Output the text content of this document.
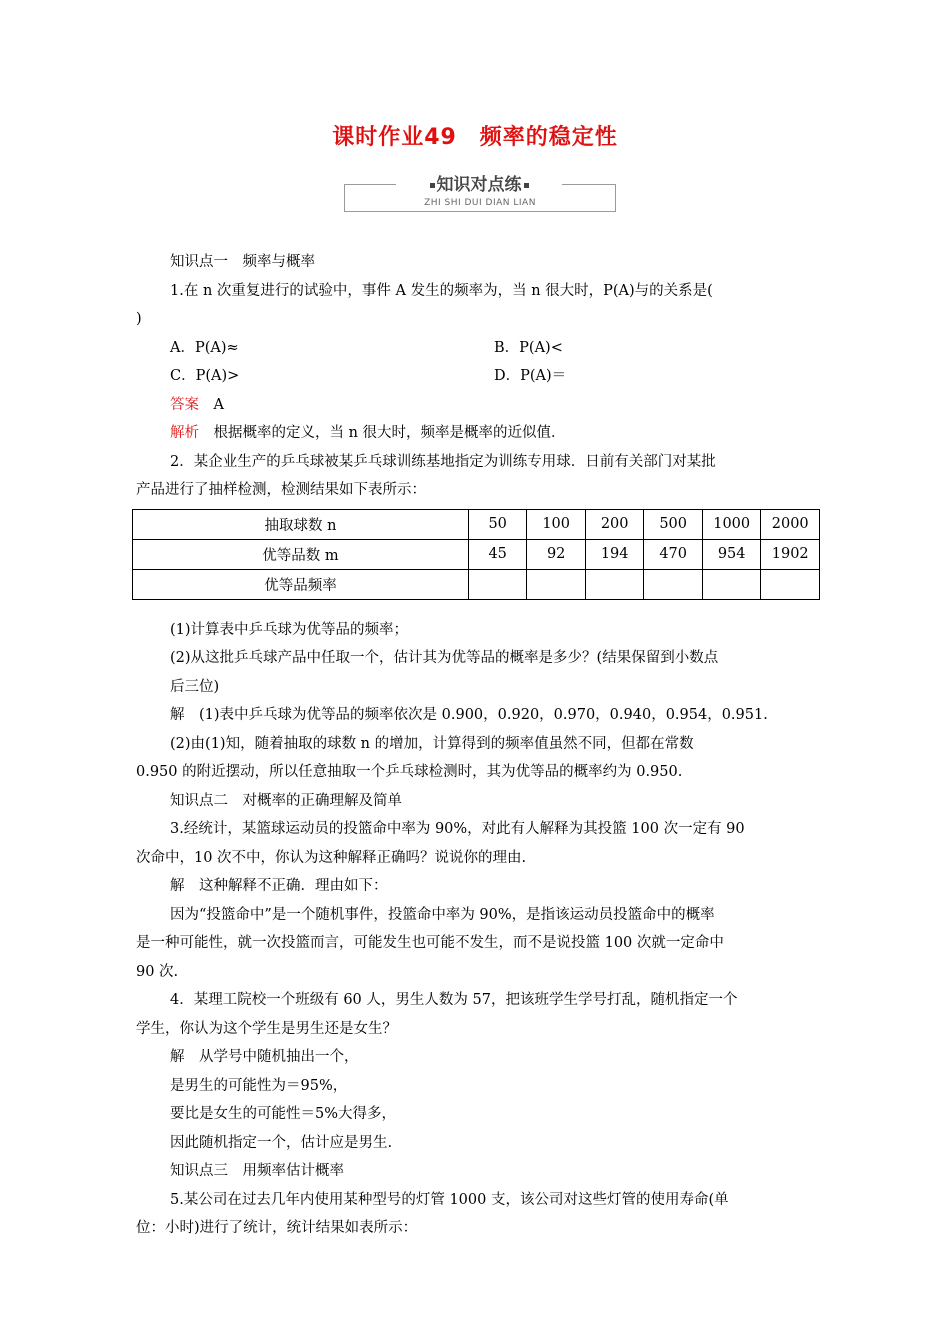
课时作业49　频率的稳定性
知识对点练
ZHI SHI DUI DIAN LIAN
知识点一　频率与概率
1.在 n 次重复进行的试验中，事件 A 发生的频率为，当 n 很大时，P(A)与的关系是(
)
A．P(A)≈	B．P(A)<
C．P(A)>	D．P(A)＝
答案　A
解析　根据概率的定义，当 n 很大时，频率是概率的近似值．
2．某企业生产的乒乓球被某乒乓球训练基地指定为训练专用球．日前有关部门对某批
产品进行了抽样检测，检测结果如下表所示：
抽取球数 n	50	100	200	500	1000	2000
优等品数 m	45	92	194	470	954	1902
优等品频率						
(1)计算表中乒乓球为优等品的频率；
(2)从这批乒乓球产品中任取一个，估计其为优等品的概率是多少？(结果保留到小数点
后三位)
解　(1)表中乒乓球为优等品的频率依次是 0.900，0.920，0.970，0.940，0.954，0.951.
(2)由(1)知，随着抽取的球数 n 的增加，计算得到的频率值虽然不同，但都在常数
0.950 的附近摆动，所以任意抽取一个乒乓球检测时，其为优等品的概率约为 0.950.
知识点二　对概率的正确理解及简单
3.经统计，某篮球运动员的投篮命中率为 90%，对此有人解释为其投篮 100 次一定有 90
次命中，10 次不中，你认为这种解释正确吗？说说你的理由.
解　这种解释不正确．理由如下：
因为“投篮命中”是一个随机事件，投篮命中率为 90%，是指该运动员投篮命中的概率
是一种可能性，就一次投篮而言，可能发生也可能不发生，而不是说投篮 100 次就一定命中
90 次.
4．某理工院校一个班级有 60 人，男生人数为 57，把该班学生学号打乱，随机指定一个
学生，你认为这个学生是男生还是女生？
解　从学号中随机抽出一个，
是男生的可能性为＝95%，
要比是女生的可能性＝5%大得多，
因此随机指定一个，估计应是男生.
知识点三　用频率估计概率
5.某公司在过去几年内使用某种型号的灯管 1000 支，该公司对这些灯管的使用寿命(单
位：小时)进行了统计，统计结果如表所示：
